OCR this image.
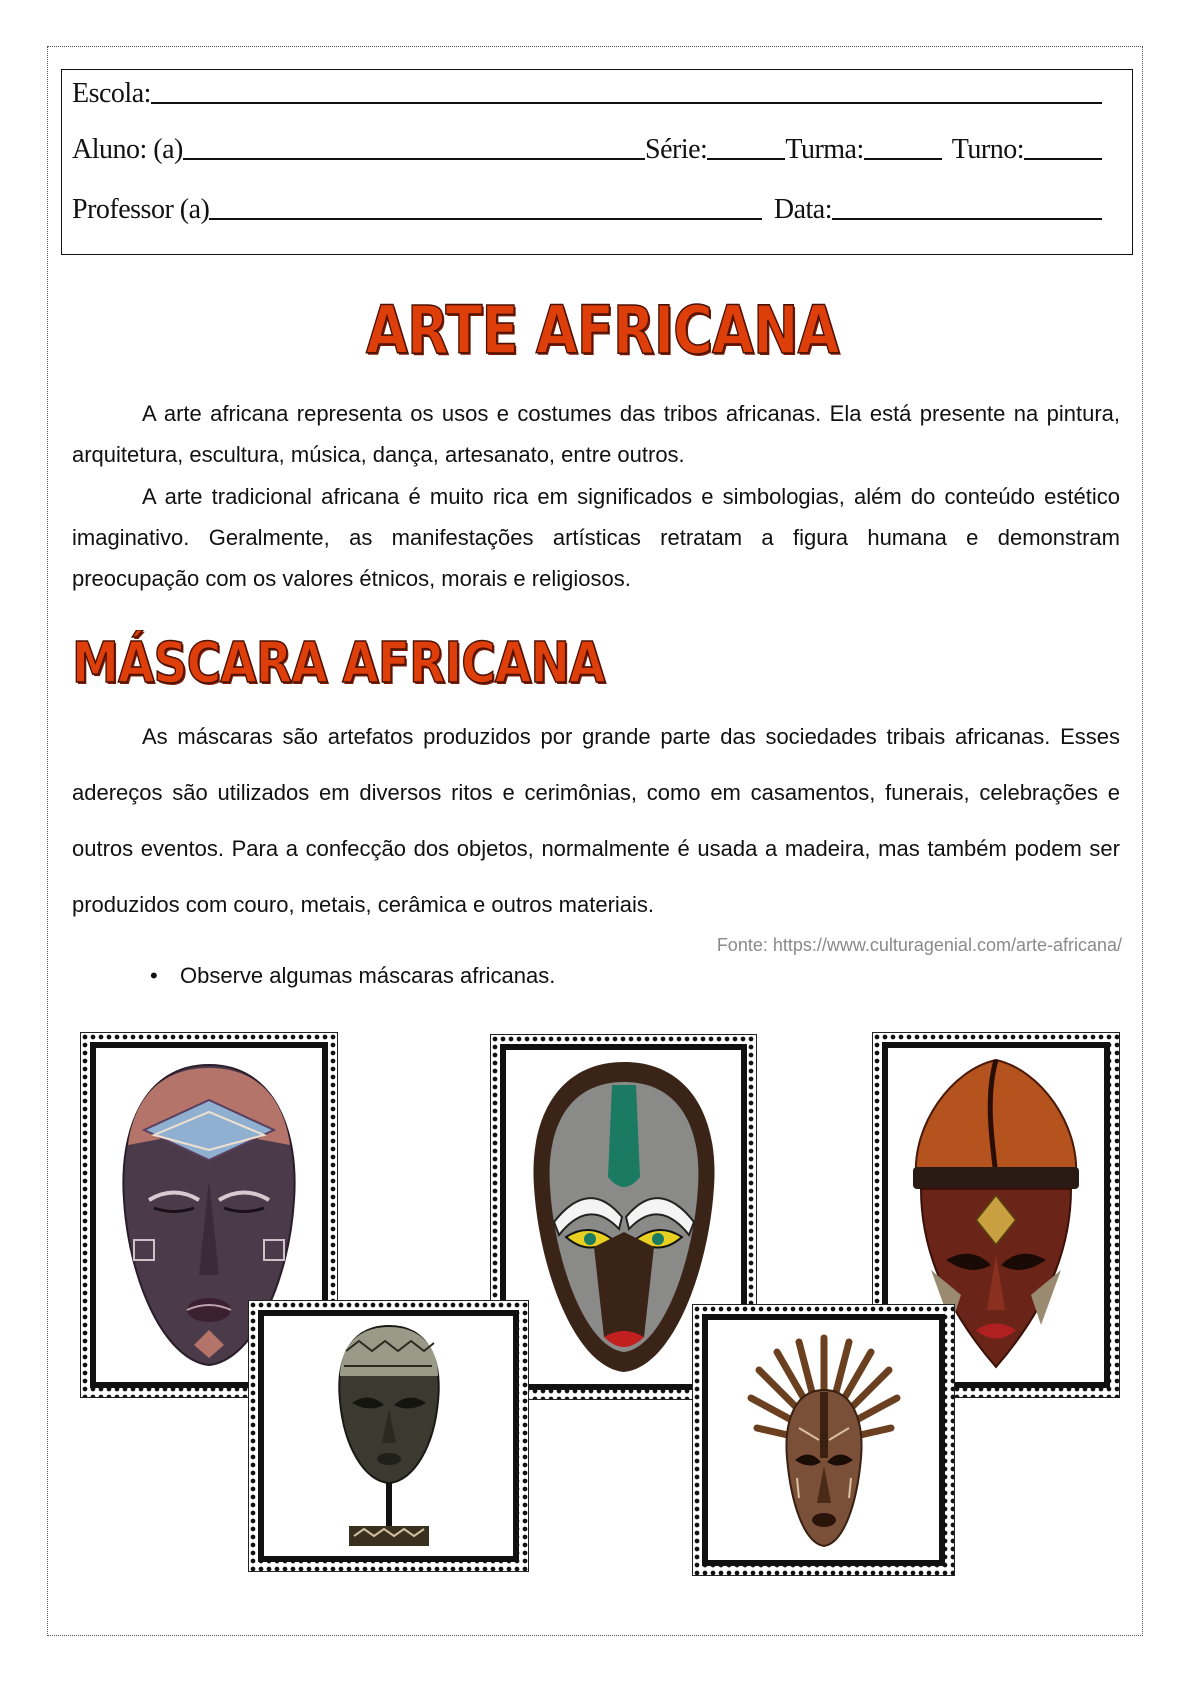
Escola:
Aluno: (a)	Série:	Turma:	Turno:
Professor (a)	Data:
ARTE AFRICANA

A arte africana representa os usos e costumes das tribos africanas. Ela está presente na pintura, arquitetura, escultura, música, dança, artesanato, entre outros.

A arte tradicional africana é muito rica em significados e simbologias, além do conteúdo estético imaginativo. Geralmente, as manifestações artísticas retratam a figura humana e demonstram preocupação com os valores étnicos, morais e religiosos.

MÁSCARA AFRICANA

As máscaras são artefatos produzidos por grande parte das sociedades tribais africanas. Esses adereços são utilizados em diversos ritos e cerimônias, como em casamentos, funerais, celebrações e outros eventos. Para a confecção dos objetos, normalmente é usada a madeira, mas também podem ser produzidos com couro, metais, cerâmica e outros materiais.

Fonte: https://www.culturagenial.com/arte-africana/
• Observe algumas máscaras africanas.
